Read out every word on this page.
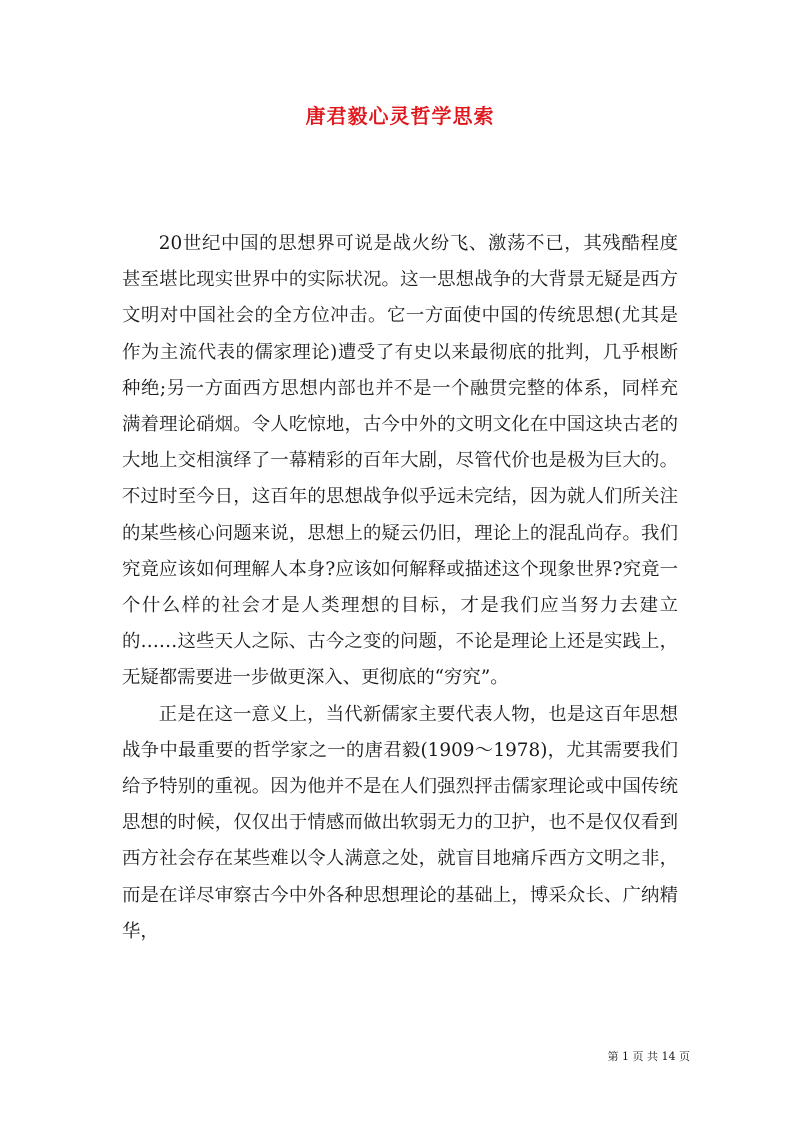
唐君毅心灵哲学思索

20世纪中国的思想界可说是战火纷飞、激荡不已，其残酷程度甚至堪比现实世界中的实际状况。这一思想战争的大背景无疑是西方文明对中国社会的全方位冲击。它一方面使中国的传统思想(尤其是作为主流代表的儒家理论)遭受了有史以来最彻底的批判，几乎根断种绝;另一方面西方思想内部也并不是一个融贯完整的体系，同样充满着理论硝烟。令人吃惊地，古今中外的文明文化在中国这块古老的大地上交相演绎了一幕精彩的百年大剧，尽管代价也是极为巨大的。不过时至今日，这百年的思想战争似乎远未完结，因为就人们所关注的某些核心问题来说，思想上的疑云仍旧，理论上的混乱尚存。我们究竟应该如何理解人本身?应该如何解释或描述这个现象世界?究竟一个什么样的社会才是人类理想的目标，才是我们应当努力去建立的……这些天人之际、古今之变的问题，不论是理论上还是实践上，无疑都需要进一步做更深入、更彻底的“穷究”。

正是在这一意义上，当代新儒家主要代表人物，也是这百年思想战争中最重要的哲学家之一的唐君毅(1909～1978)，尤其需要我们给予特别的重视。因为他并不是在人们强烈抨击儒家理论或中国传统思想的时候，仅仅出于情感而做出软弱无力的卫护，也不是仅仅看到西方社会存在某些难以令人满意之处，就盲目地痛斥西方文明之非，而是在详尽审察古今中外各种思想理论的基础上，博采众长、广纳精华，

第 1 页 共 14 页
